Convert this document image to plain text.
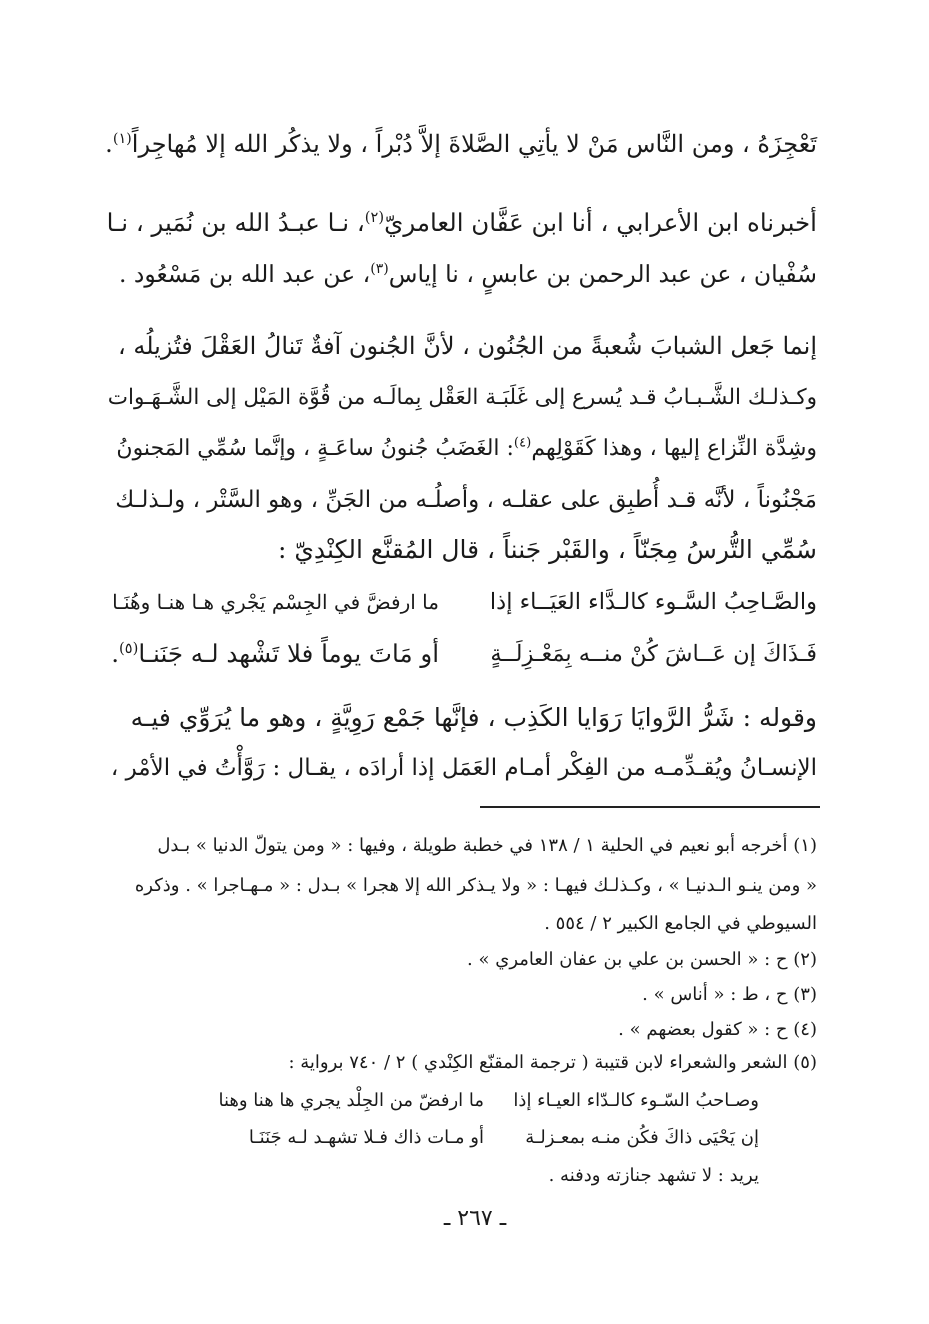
تَعْجِزَهُ ، ومن النَّاس مَنْ لا يأتِي الصَّلاةَ إلاَّ دُبْراً ، ولا يذكُر الله إلا مُهاجِراً$^{(١)}$.
أخبرناه ابن الأعرابي ، أنا ابن عَفَّان العامريّ$^{(٢)}$، نـا عبـدُ الله بن نُمَير ، نـا
سُفْيان ، عن عبد الرحمن بن عابسٍ ، نا إياس$^{(٣)}$، عن عبد الله بن مَسْعُود .
إنما جَعل الشبابَ شُعبةً من الجُنُون ، لأنَّ الجُنون آفةٌ تَنالُ العَقْلَ فتُزيلُه ،
وكـذلـك الشَّـبـابُ قـد يُسرع إلى غَلَبَـة العَقْل بِمالَـه من قُوَّة المَيْل إلى الشَّـهَـوات
وشِدَّة النِّزاع إليها ، وهذا كَقَوْلِهم$^{(٤)}$: الغَضَبُ جُنونُ ساعَـةٍ ، وإنَّما سُمِّي المَجنونُ
مَجْنُوناً ، لأنَّه قـد أُطبِق على عقلـه ، وأصلُـه من الجَنِّ ، وهو السَّتْر ، ولـذلـك
سُمِّي التُّرسُ مِجَنّاً ، والقَبْر جَنناً ، قال المُقنَّع الكِنْدِيّ :
والصَّـاحِبُ السَّـوء كالـدَّاء العَيَــاء إذا
ما ارفضَّ في الجِسْم يَجْري هـا هنـا وهُنَـا
فَـذَاكَ إن عَــاشَ كُنْ منــه بِمَعْـزِلَــةٍ
أو مَاتَ يوماً فلا تَشْهد لـه جَنَنـا$^{(٥)}$.
وقوله : شَرُّ الرَّوايَا رَوَايا الكَذِب ، فإنَّها جَمْع رَوِيَّةٍ ، وهو ما يُرَوِّي فيـه
الإنسـانُ ويُقـدِّمـه من الفِكْر أمـام العَمَل إذا أرادَه ، يقـال : رَوَّأْتُ في الأمْر ،
(١) أخرجه أبو نعيم في الحلية ١ / ١٣٨ في خطبة طويلة ، وفيها : « ومن يتولّ الدنيا » بـدل
« ومن ينـو الـدنيـا » ، وكـذلـك فيهـا : « ولا يـذكر الله إلا هجرا » بـدل : « مـهـاجرا » . وذكره
السيوطي في الجامع الكبير ٢ / ٥٥٤ .
(٢) ح : « الحسن بن علي بن عفان العامري » .
(٣) ح ، ط : « أناس » .
(٤) ح : « كقول بعضهم » .
(٥) الشعر والشعراء لابن قتيبة ( ترجمة المقنّع الكِنْدي ) ٢ / ٧٤٠ برواية :
وصـاحبُ السّـوء كالـدّاء العيـاء إذا
ما ارفضّ من الجِلْد يجري ها هنا وهنا
إن يَحْيَى ذاكَ فكُن منـه بمعـزلـة
أو مـات ذاك فـلا تشهـد لـه جَنَنَـا
يريد : لا تشهد جنازته ودفنه .
ـ ٢٦٧ ـ
